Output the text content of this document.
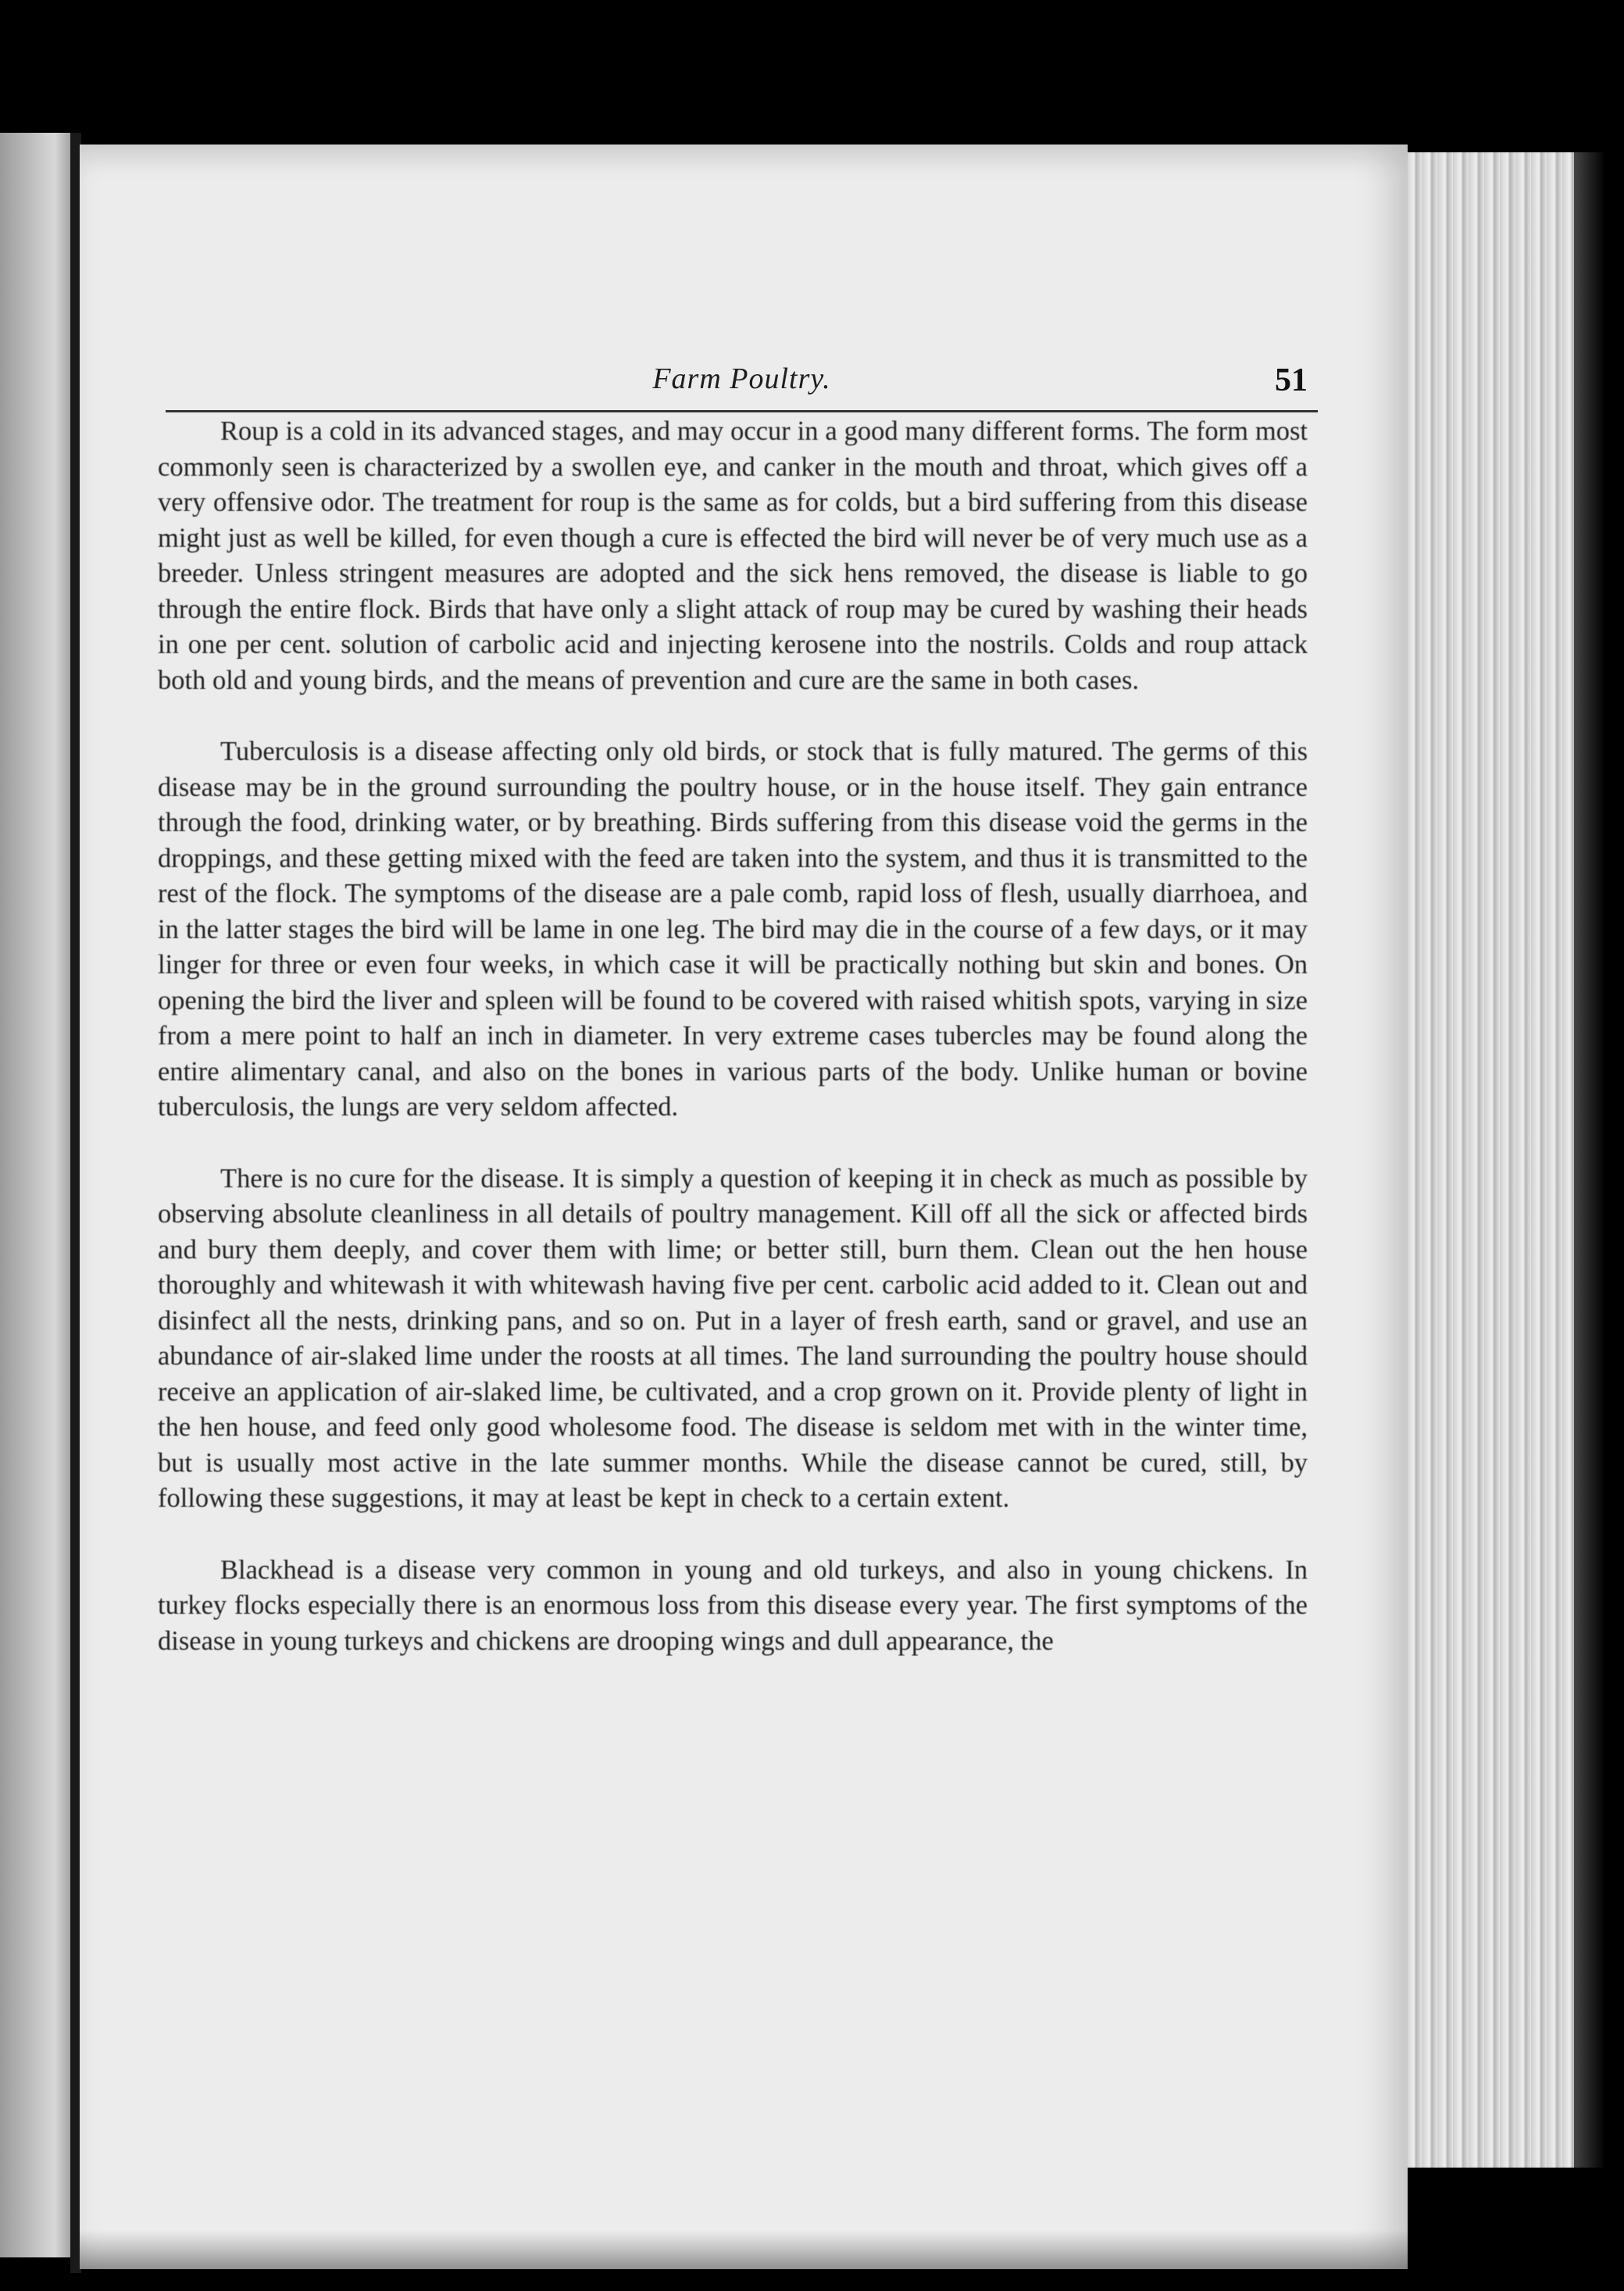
Farm Poultry.	51

Roup is a cold in its advanced stages, and may occur in a good many different forms. The form most commonly seen is characterized by a swollen eye, and canker in the mouth and throat, which gives off a very offensive odor. The treatment for roup is the same as for colds, but a bird suffering from this disease might just as well be killed, for even though a cure is effected the bird will never be of very much use as a breeder. Unless stringent measures are adopted and the sick hens removed, the disease is liable to go through the entire flock. Birds that have only a slight attack of roup may be cured by washing their heads in one per cent. solution of carbolic acid and injecting kerosene into the nostrils. Colds and roup attack both old and young birds, and the means of prevention and cure are the same in both cases.

Tuberculosis is a disease affecting only old birds, or stock that is fully matured. The germs of this disease may be in the ground surrounding the poultry house, or in the house itself. They gain entrance through the food, drinking water, or by breathing. Birds suffering from this disease void the germs in the droppings, and these getting mixed with the feed are taken into the system, and thus it is transmitted to the rest of the flock. The symptoms of the disease are a pale comb, rapid loss of flesh, usually diarrhoea, and in the latter stages the bird will be lame in one leg. The bird may die in the course of a few days, or it may linger for three or even four weeks, in which case it will be practically nothing but skin and bones. On opening the bird the liver and spleen will be found to be covered with raised whitish spots, varying in size from a mere point to half an inch in diameter. In very extreme cases tubercles may be found along the entire alimentary canal, and also on the bones in various parts of the body. Unlike human or bovine tuberculosis, the lungs are very seldom affected.

There is no cure for the disease. It is simply a question of keeping it in check as much as possible by observing absolute cleanliness in all details of poultry management. Kill off all the sick or affected birds and bury them deeply, and cover them with lime; or better still, burn them. Clean out the hen house thoroughly and whitewash it with whitewash having five per cent. carbolic acid added to it. Clean out and disinfect all the nests, drinking pans, and so on. Put in a layer of fresh earth, sand or gravel, and use an abundance of air-slaked lime under the roosts at all times. The land surrounding the poultry house should receive an application of air-slaked lime, be cultivated, and a crop grown on it. Provide plenty of light in the hen house, and feed only good wholesome food. The disease is seldom met with in the winter time, but is usually most active in the late summer months. While the disease cannot be cured, still, by following these suggestions, it may at least be kept in check to a certain extent.

Blackhead is a disease very common in young and old turkeys, and also in young chickens. In turkey flocks especially there is an enormous loss from this disease every year. The first symptoms of the disease in young turkeys and chickens are drooping wings and dull appearance, the
